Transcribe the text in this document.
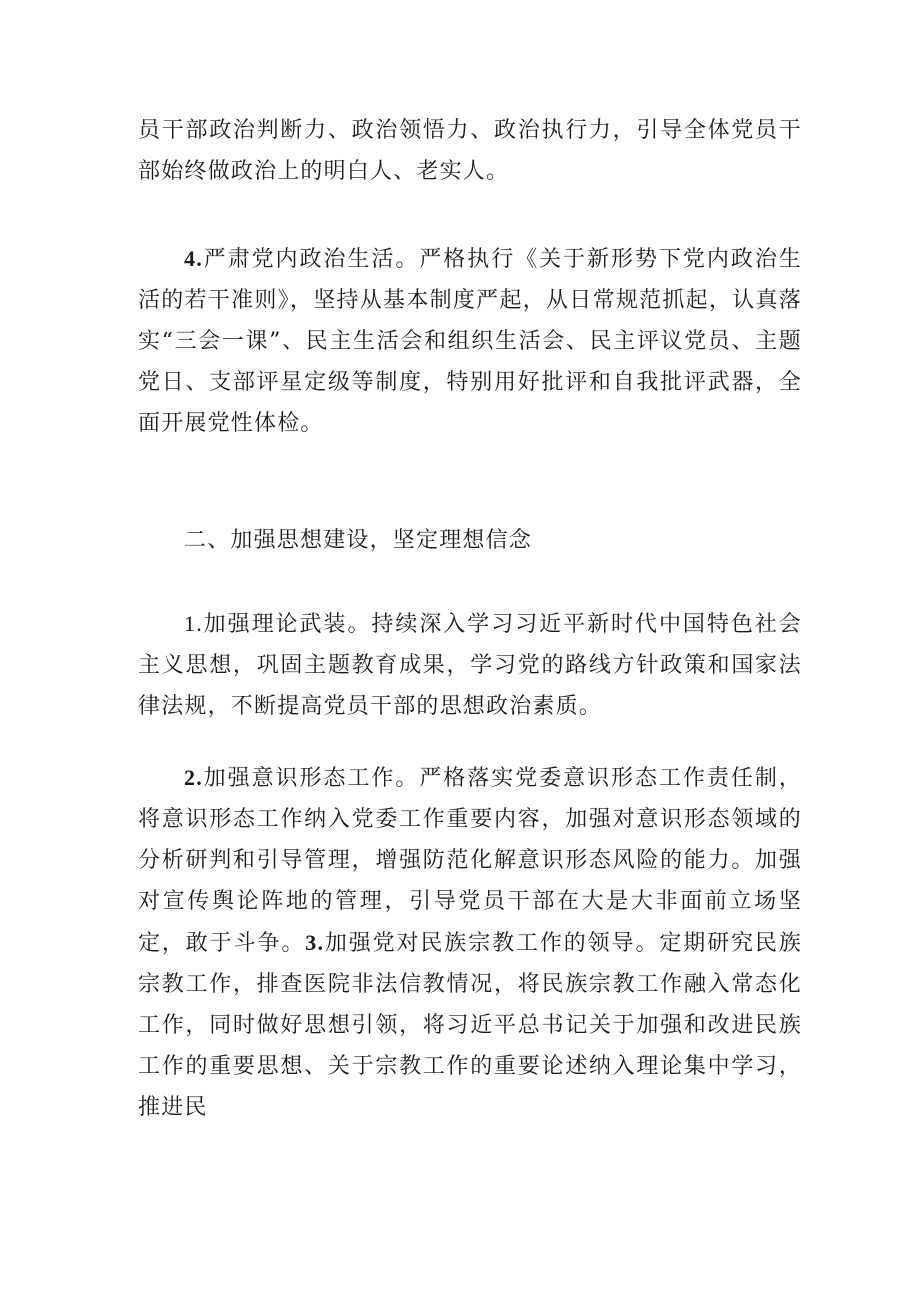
员干部政治判断力、政治领悟力、政治执行力，引导全体党员干部始终做政治上的明白人、老实人。

4.严肃党内政治生活。严格执行《关于新形势下党内政治生活的若干准则》，坚持从基本制度严起，从日常规范抓起，认真落实“三会一课”、民主生活会和组织生活会、民主评议党员、主题党日、支部评星定级等制度，特别用好批评和自我批评武器，全面开展党性体检。

二、加强思想建设，坚定理想信念

1.加强理论武装。持续深入学习习近平新时代中国特色社会主义思想，巩固主题教育成果，学习党的路线方针政策和国家法律法规，不断提高党员干部的思想政治素质。

2.加强意识形态工作。严格落实党委意识形态工作责任制，将意识形态工作纳入党委工作重要内容，加强对意识形态领域的分析研判和引导管理，增强防范化解意识形态风险的能力。加强对宣传舆论阵地的管理，引导党员干部在大是大非面前立场坚定，敢于斗争。3.加强党对民族宗教工作的领导。定期研究民族宗教工作，排查医院非法信教情况，将民族宗教工作融入常态化工作，同时做好思想引领，将习近平总书记关于加强和改进民族工作的重要思想、关于宗教工作的重要论述纳入理论集中学习，推进民
